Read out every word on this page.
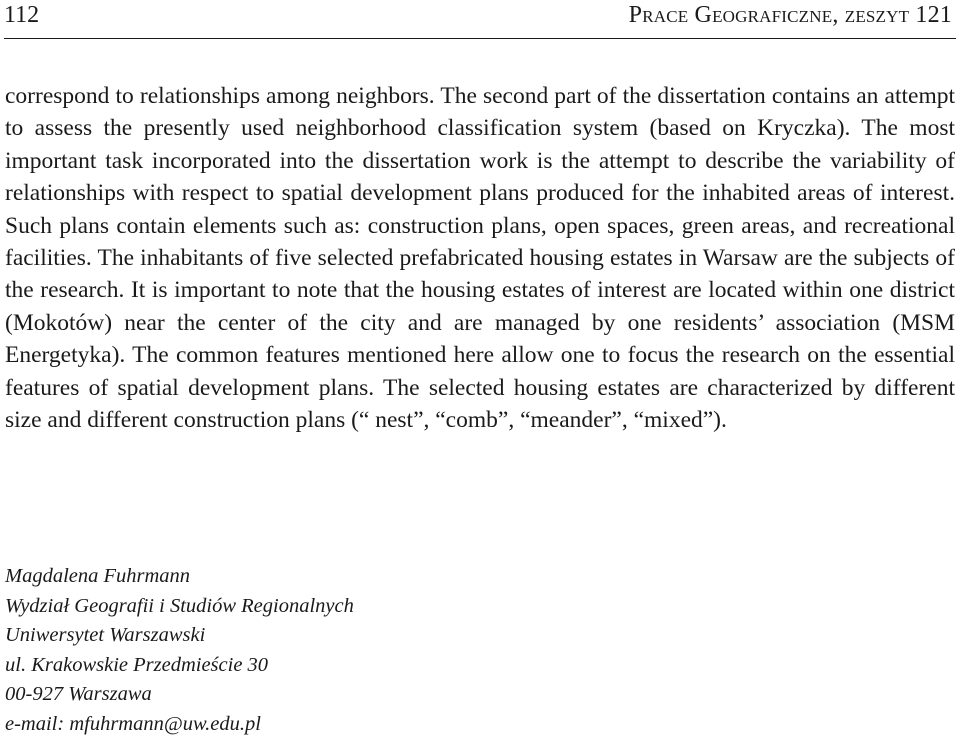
112	Prace Geograficzne, zeszyt 121

correspond to relationships among neighbors. The second part of the dissertation contains an attempt to assess the presently used neighborhood classification system (based on Kryczka). The most important task incorporated into the dissertation work is the attempt to describe the variability of relationships with respect to spatial development plans produced for the inhabited areas of interest. Such plans contain elements such as: construction plans, open spaces, green areas, and recreational facilities. The inhabitants of five selected prefabricated housing estates in Warsaw are the subjects of the research. It is important to note that the housing estates of interest are located within one district (Mokotów) near the center of the city and are managed by one residents’ association (MSM Energetyka). The common features mentioned here allow one to focus the research on the essential features of spatial development plans. The selected housing estates are characterized by different size and different construction plans (“ nest”, “comb”, “meander”, “mixed”).

Magdalena Fuhrmann
Wydział Geografii i Studiów Regionalnych
Uniwersytet Warszawski
ul. Krakowskie Przedmieście 30
00-927 Warszawa
e-mail: mfuhrmann@uw.edu.pl
